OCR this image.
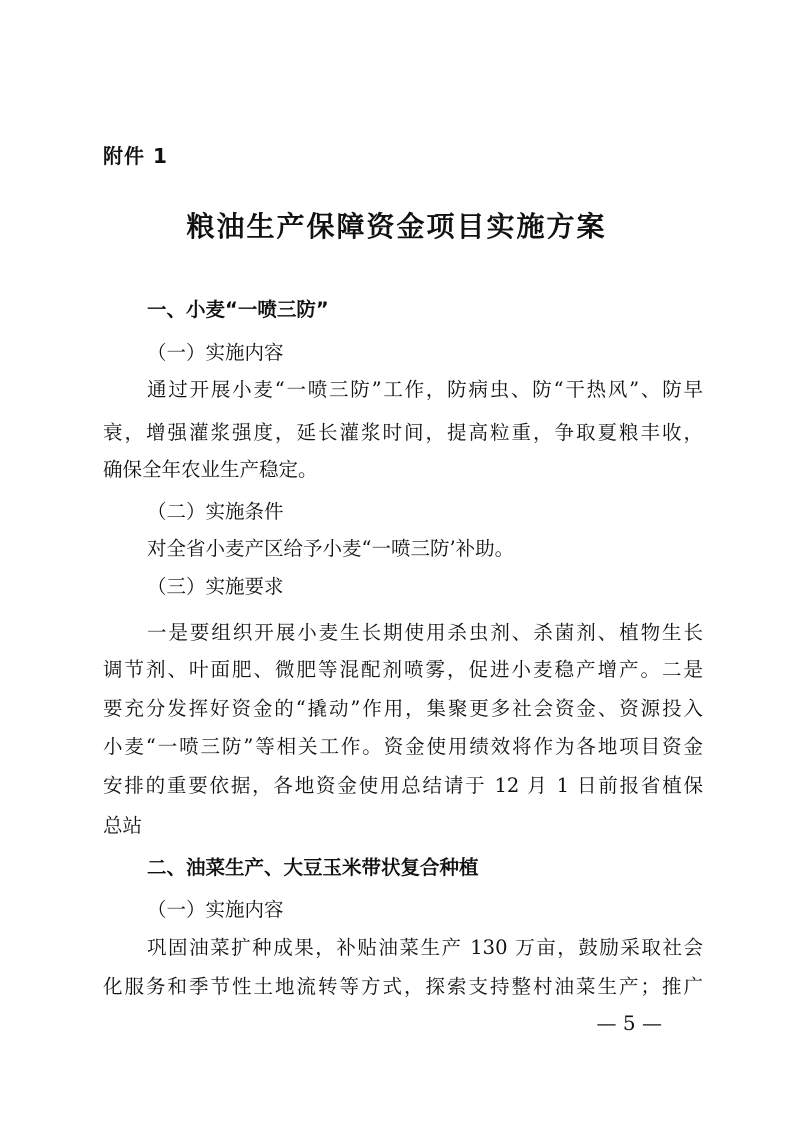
附件 1
粮油生产保障资金项目实施方案
一、小麦“一喷三防”
（一）实施内容
通过开展小麦“一喷三防”工作，防病虫、防“干热风”、防早
衰，增强灌浆强度，延长灌浆时间，提高粒重，争取夏粮丰收，
确保全年农业生产稳定。
（二）实施条件
对全省小麦产区给予小麦“一喷三防’补助。
（三）实施要求
一是要组织开展小麦生长期使用杀虫剂、杀菌剂、植物生长
调节剂、叶面肥、微肥等混配剂喷雾，促进小麦稳产增产。二是
要充分发挥好资金的“撬动”作用，集聚更多社会资金、资源投入
小麦“一喷三防”等相关工作。资金使用绩效将作为各地项目资金
安排的重要依据，各地资金使用总结请于 12 月 1 日前报省植保
总站
二、油菜生产、大豆玉米带状复合种植
（一）实施内容
巩固油菜扩种成果，补贴油菜生产 130 万亩，鼓励采取社会
化服务和季节性土地流转等方式，探索支持整村油菜生产；推广
— 5 —
